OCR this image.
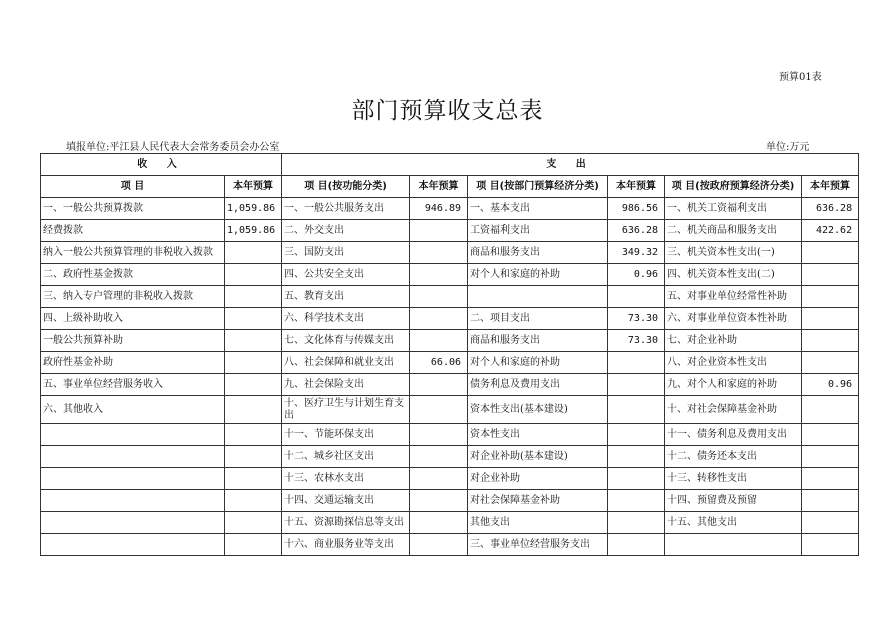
预算01表
部门预算收支总表
填报单位:平江县人民代表大会常务委员会办公室	单位:万元
收 入		支 出					
项 目	本年预算	项 目(按功能分类)	本年预算	项 目(按部门预算经济分类)	本年预算	项 目(按政府预算经济分类)	本年预算
一、一般公共预算拨款	1,059.86	一、一般公共服务支出	946.89	一、基本支出	986.56	一、机关工资福利支出	636.28
经费拨款	1,059.86	二、外交支出		工资福利支出	636.28	二、机关商品和服务支出	422.62
纳入一般公共预算管理的非税收入拨款		三、国防支出		商品和服务支出	349.32	三、机关资本性支出(一)	
二、政府性基金拨款		四、公共安全支出		对个人和家庭的补助	0.96	四、机关资本性支出(二)	
三、纳入专户管理的非税收入拨款		五、教育支出				五、对事业单位经常性补助	
四、上级补助收入		六、科学技术支出		二、项目支出	73.30	六、对事业单位资本性补助	
一般公共预算补助		七、文化体育与传媒支出		商品和服务支出	73.30	七、对企业补助	
政府性基金补助		八、社会保障和就业支出	66.06	对个人和家庭的补助		八、对企业资本性支出	
五、事业单位经营服务收入		九、社会保险支出		债务利息及费用支出		九、对个人和家庭的补助	0.96
六、其他收入		十、医疗卫生与计划生育支出		资本性支出(基本建设)		十、对社会保障基金补助	
		十一、节能环保支出		资本性支出		十一、债务利息及费用支出	
		十二、城乡社区支出		对企业补助(基本建设)		十二、债务还本支出	
		十三、农林水支出		对企业补助		十三、转移性支出	
		十四、交通运输支出		对社会保障基金补助		十四、预留费及预留	
		十五、资源勘探信息等支出		其他支出		十五、其他支出	
		十六、商业服务业等支出		三、事业单位经营服务支出			
